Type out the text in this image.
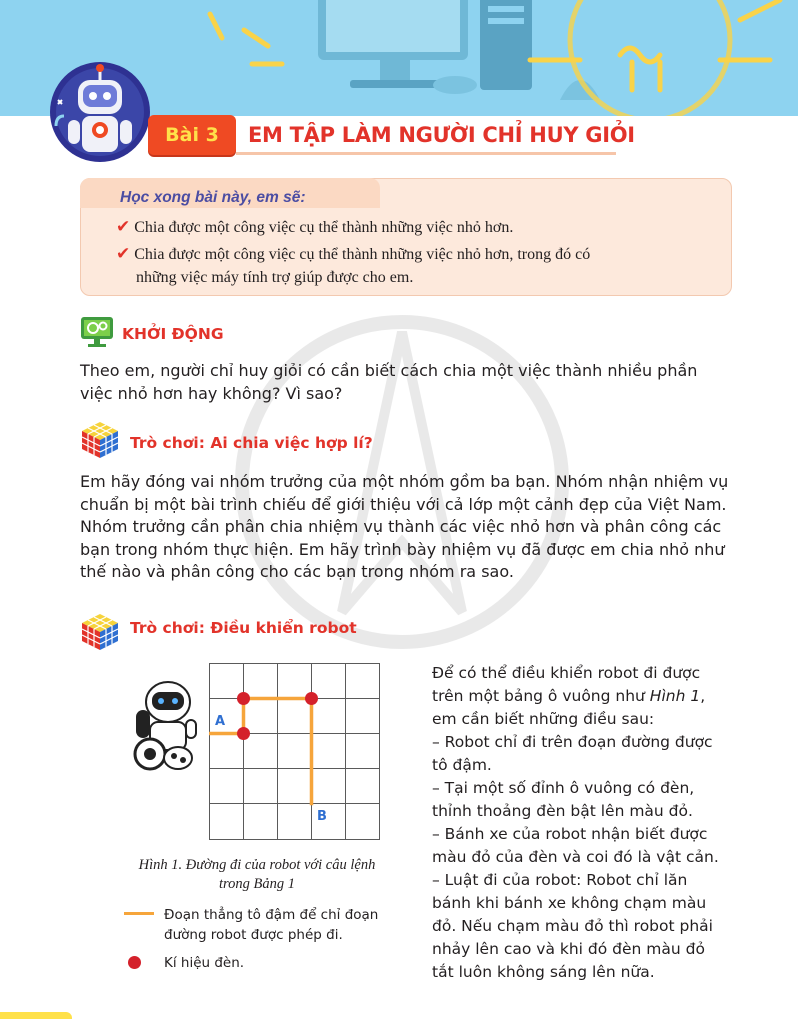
Bài 3 EM TẬP LÀM NGƯỜI CHỈ HUY GIỎI
Học xong bài này, em sẽ:
✔ Chia được một công việc cụ thể thành những việc nhỏ hơn.
✔ Chia được một công việc cụ thể thành những việc nhỏ hơn, trong đó có
những việc máy tính trợ giúp được cho em.
KHỞI ĐỘNG
Theo em, người chỉ huy giỏi có cần biết cách chia một việc thành nhiều phần
việc nhỏ hơn hay không? Vì sao?
Trò chơi: Ai chia việc hợp lí?
Em hãy đóng vai nhóm trưởng của một nhóm gồm ba bạn. Nhóm nhận nhiệm vụ
chuẩn bị một bài trình chiếu để giới thiệu với cả lớp một cảnh đẹp của Việt Nam.
Nhóm trưởng cần phân chia nhiệm vụ thành các việc nhỏ hơn và phân công các
bạn trong nhóm thực hiện. Em hãy trình bày nhiệm vụ đã được em chia nhỏ như
thế nào và phân công cho các bạn trong nhóm ra sao.
Trò chơi: Điều khiển robot
A
B
Hình 1. Đường đi của robot với câu lệnh
trong Bảng 1
Đoạn thẳng tô đậm để chỉ đoạn
đường robot được phép đi.
Kí hiệu đèn.

Để có thể điều khiển robot đi được

trên một bảng ô vuông như Hình 1,

em cần biết những điều sau:

– Robot chỉ đi trên đoạn đường được

tô đậm.

– Tại một số đỉnh ô vuông có đèn,

thỉnh thoảng đèn bật lên màu đỏ.

– Bánh xe của robot nhận biết được

màu đỏ của đèn và coi đó là vật cản.

– Luật đi của robot: Robot chỉ lăn

bánh khi bánh xe không chạm màu

đỏ. Nếu chạm màu đỏ thì robot phải

nhảy lên cao và khi đó đèn màu đỏ

tắt luôn không sáng lên nữa.
